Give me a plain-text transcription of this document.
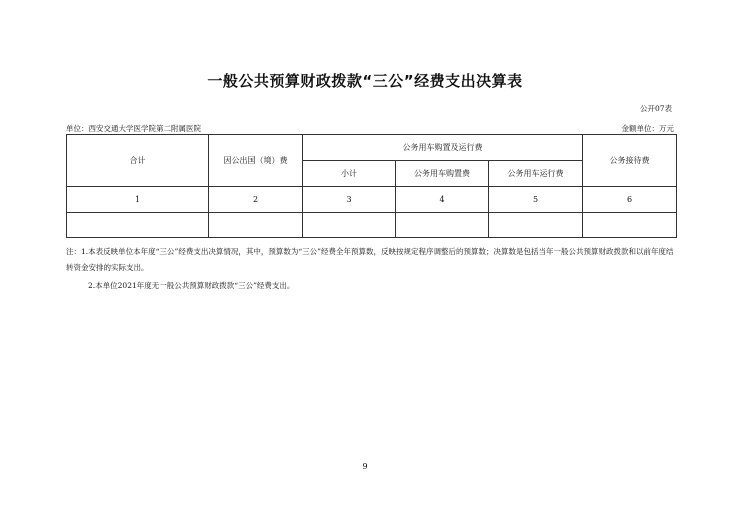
一般公共预算财政拨款“三公”经费支出决算表
公开07表
单位：西安交通大学医学院第二附属医院	金额单位：万元
合计	因公出国（境）费	公务用车购置及运行费			公务接待费
		小计	公务用车购置费	公务用车运行费	
1	2	3	4	5	6

注：1.本表反映单位本年度“三公”经费支出决算情况，其中，预算数为“三公”经费全年预算数，反映按规定程序调整后的预算数；决算数是包括当年一般公共预算财政拨款和以前年度结转资金安排的实际支出。
2.本单位2021年度无一般公共预算财政拨款“三公”经费支出。
9
